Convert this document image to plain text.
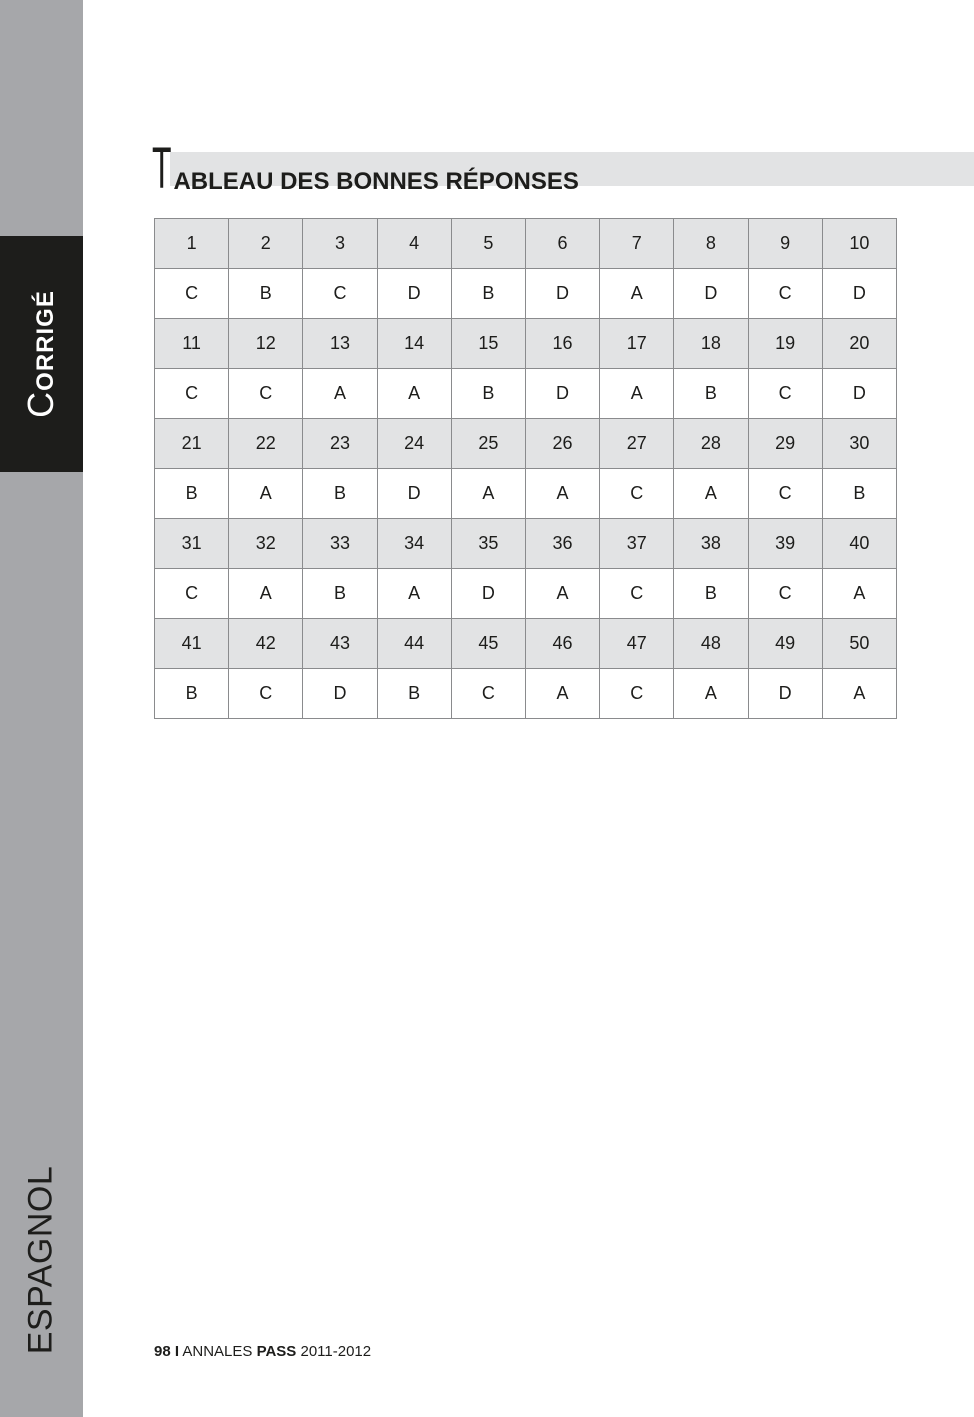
CORRIGÉ
ESPAGNOL
TABLEAU DES BONNES RÉPONSES
1	2	3	4	5	6	7	8	9	10
C	B	C	D	B	D	A	D	C	D
11	12	13	14	15	16	17	18	19	20
C	C	A	A	B	D	A	B	C	D
21	22	23	24	25	26	27	28	29	30
B	A	B	D	A	A	C	A	C	B
31	32	33	34	35	36	37	38	39	40
C	A	B	A	D	A	C	B	C	A
41	42	43	44	45	46	47	48	49	50
B	C	D	B	C	A	C	A	D	A
98 I ANNALES PASS 2011-2012
